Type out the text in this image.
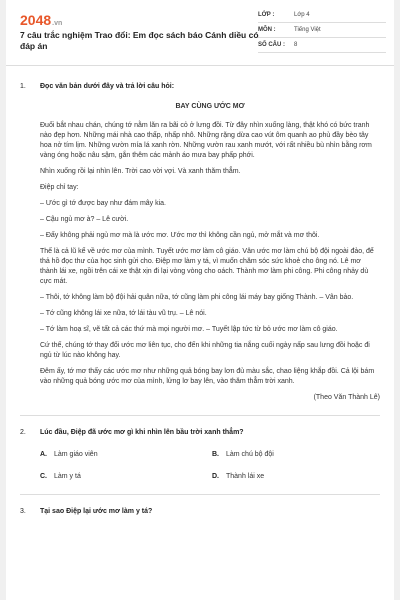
2048.vn
7 câu trắc nghiệm Trao đổi: Em đọc sách báo Cánh diều có đáp án
LỚP :	Lớp 4
MÔN :	Tiếng Việt
SỐ CÂU :	8
1.	Đọc văn bản dưới đây và trả lời câu hỏi:
BAY CÙNG ƯỚC MƠ

Đuổi bắt nhau chán, chúng tớ nằm lăn ra bãi cỏ ở lưng đồi. Từ đây nhìn xuống làng, thật khó có bức tranh nào đẹp hơn. Những mái nhà cao thấp, nhấp nhô. Những rặng dừa cao vút ôm quanh ao phủ đầy bèo tây hoa nở tím lịm. Những vườn mía lá xanh rờn. Những vườn rau xanh mướt, với rất nhiều bù nhìn bằng rơm vàng óng hoặc nâu sậm, gắn thêm các mảnh áo mưa bay phấp phới.

Nhìn xuống rồi lại nhìn lên. Trời cao vời vợi. Và xanh thăm thẳm.

Điệp chỉ tay:

– Ước gì tớ được bay như đám mây kia.

– Cậu ngủ mơ à? – Lê cười.

– Đấy không phải ngủ mơ mà là ước mơ. Ước mơ thì không cần ngủ, mở mắt và mơ thôi.

Thế là cả lũ kể về ước mơ của mình. Tuyết ước mơ làm cô giáo. Vân ước mơ làm chú bộ đội ngoài đảo, để thả hồ đọc thư của học sinh gửi cho. Điệp mơ làm y tá, vì muốn chăm sóc sức khoẻ cho ông nó. Lê mơ thành lái xe, ngồi trên cái xe thật xịn đi lại vòng vòng cho oách. Thành mơ làm phi công. Phi công nhảy dù cực mát.

– Thôi, tớ không làm bộ đội hải quân nữa, tớ cũng làm phi công lái máy bay giống Thành. – Vân bảo.

– Tớ cũng không lái xe nữa, tớ lái tàu vũ trụ. – Lê nói.

– Tớ làm hoạ sĩ, vẽ tất cả các thứ mà mọi người mơ. – Tuyết lập tức từ bỏ ước mơ làm cô giáo.

Cứ thế, chúng tớ thay đổi ước mơ liên tục, cho đến khi những tia nắng cuối ngày nấp sau lưng đồi hoặc đi ngủ từ lúc nào không hay.

Đêm ấy, tớ mơ thấy các ước mơ như những quả bóng bay lơn đủ màu sắc, chao liệng khắp đồi. Cả lội bám vào những quả bóng ước mơ của mình, lửng lơ bay lên, vào thăm thẳm trời xanh.

(Theo Văn Thành Lê)
2.	Lúc đầu, Điệp đã ước mơ gì khi nhìn lên bầu trời xanh thẳm?
A.	Làm giáo viên	B.	Làm chú bộ đội
C.	Làm y tá	D.	Thành lái xe
3.	Tại sao Điệp lại ước mơ làm y tá?
